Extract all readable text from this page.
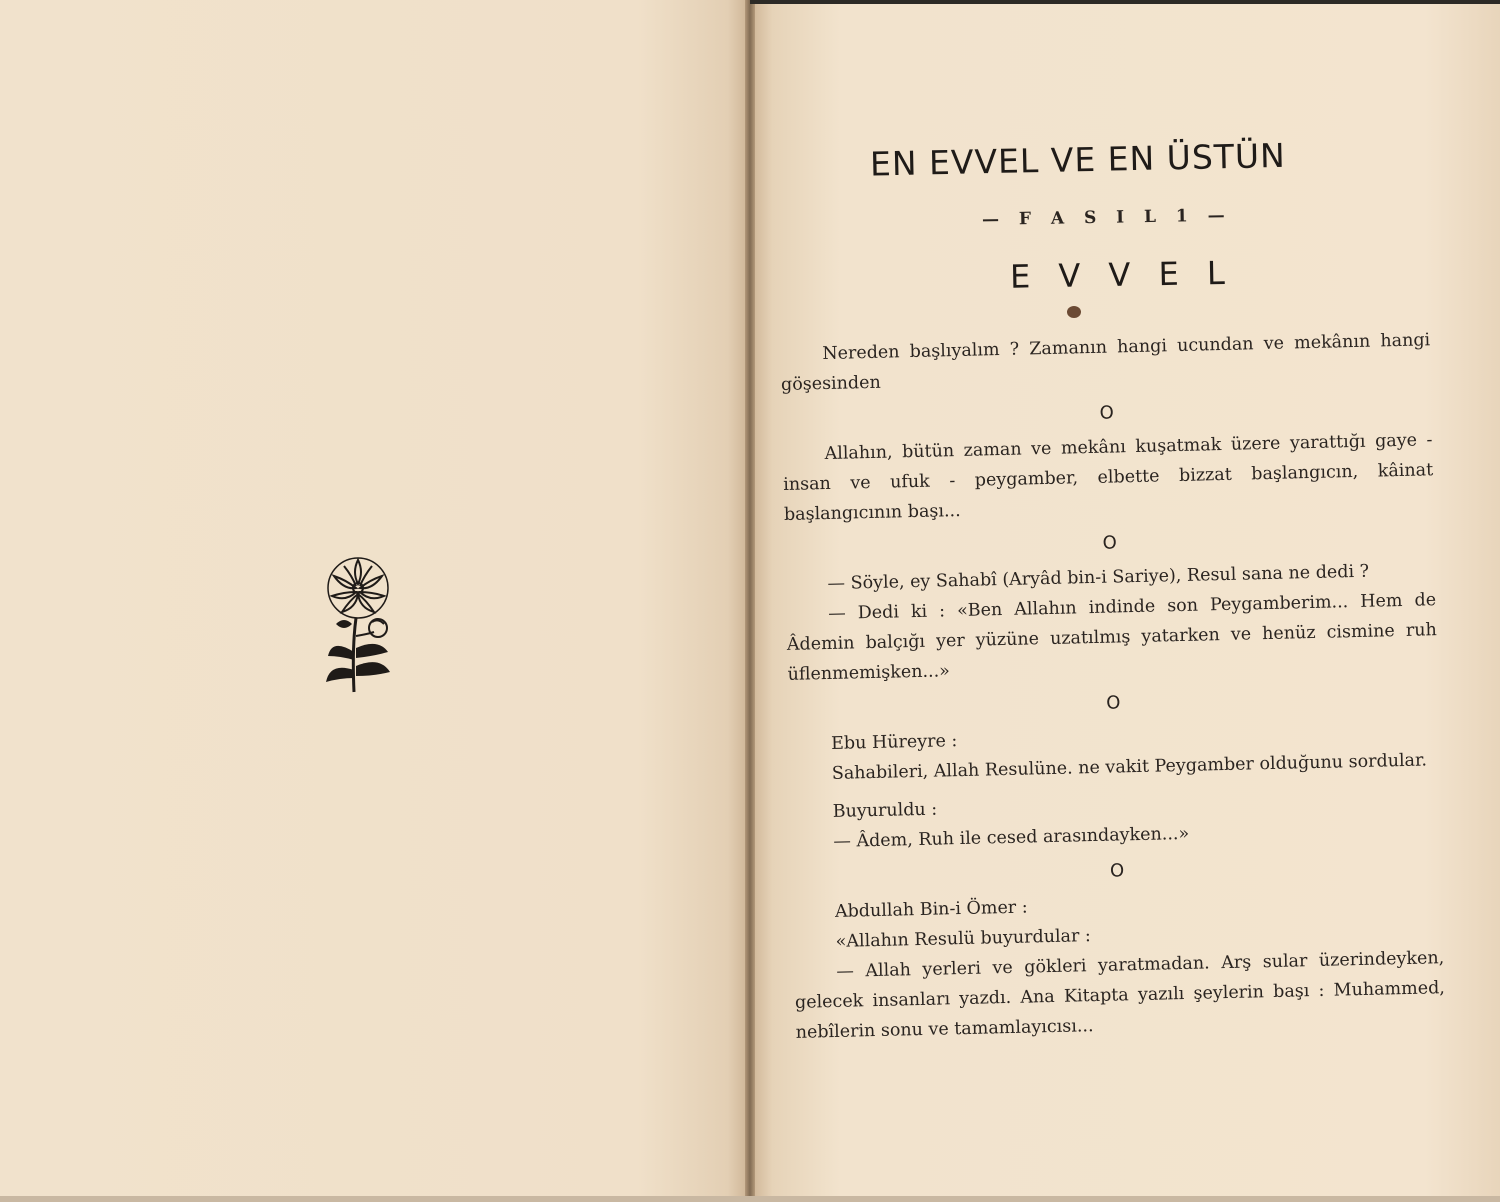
EN EVVEL VE EN ÜSTÜN
— F A S I L 1 —
E V V E L

Nereden başlıyalım ? Zamanın hangi ucundan ve mekânın hangi göşesinden

O

Allahın, bütün zaman ve mekânı kuşatmak üzere yarattığı gaye - insan ve ufuk - peygamber, elbette bizzat başlangıcın, kâinat başlangıcının başı...

O

— Söyle, ey Sahabî (Aryâd bin-i Sariye), Resul sana ne dedi ?

— Dedi ki : «Ben Allahın indinde son Peygamberim... Hem de Âdemin balçığı yer yüzüne uzatılmış yatarken ve henüz cismine ruh üflenmemişken...»

O

Ebu Hüreyre :

Sahabileri, Allah Resulüne. ne vakit Peygamber olduğunu sordular.

Buyuruldu :

— Âdem, Ruh ile cesed arasındayken...»

O

Abdullah Bin-i Ömer :

«Allahın Resulü buyurdular :

— Allah yerleri ve gökleri yaratmadan. Arş sular üzerindeyken, gelecek insanları yazdı. Ana Kitapta yazılı şeylerin başı : Muhammed, nebîlerin sonu ve tamamlayıcısı...
